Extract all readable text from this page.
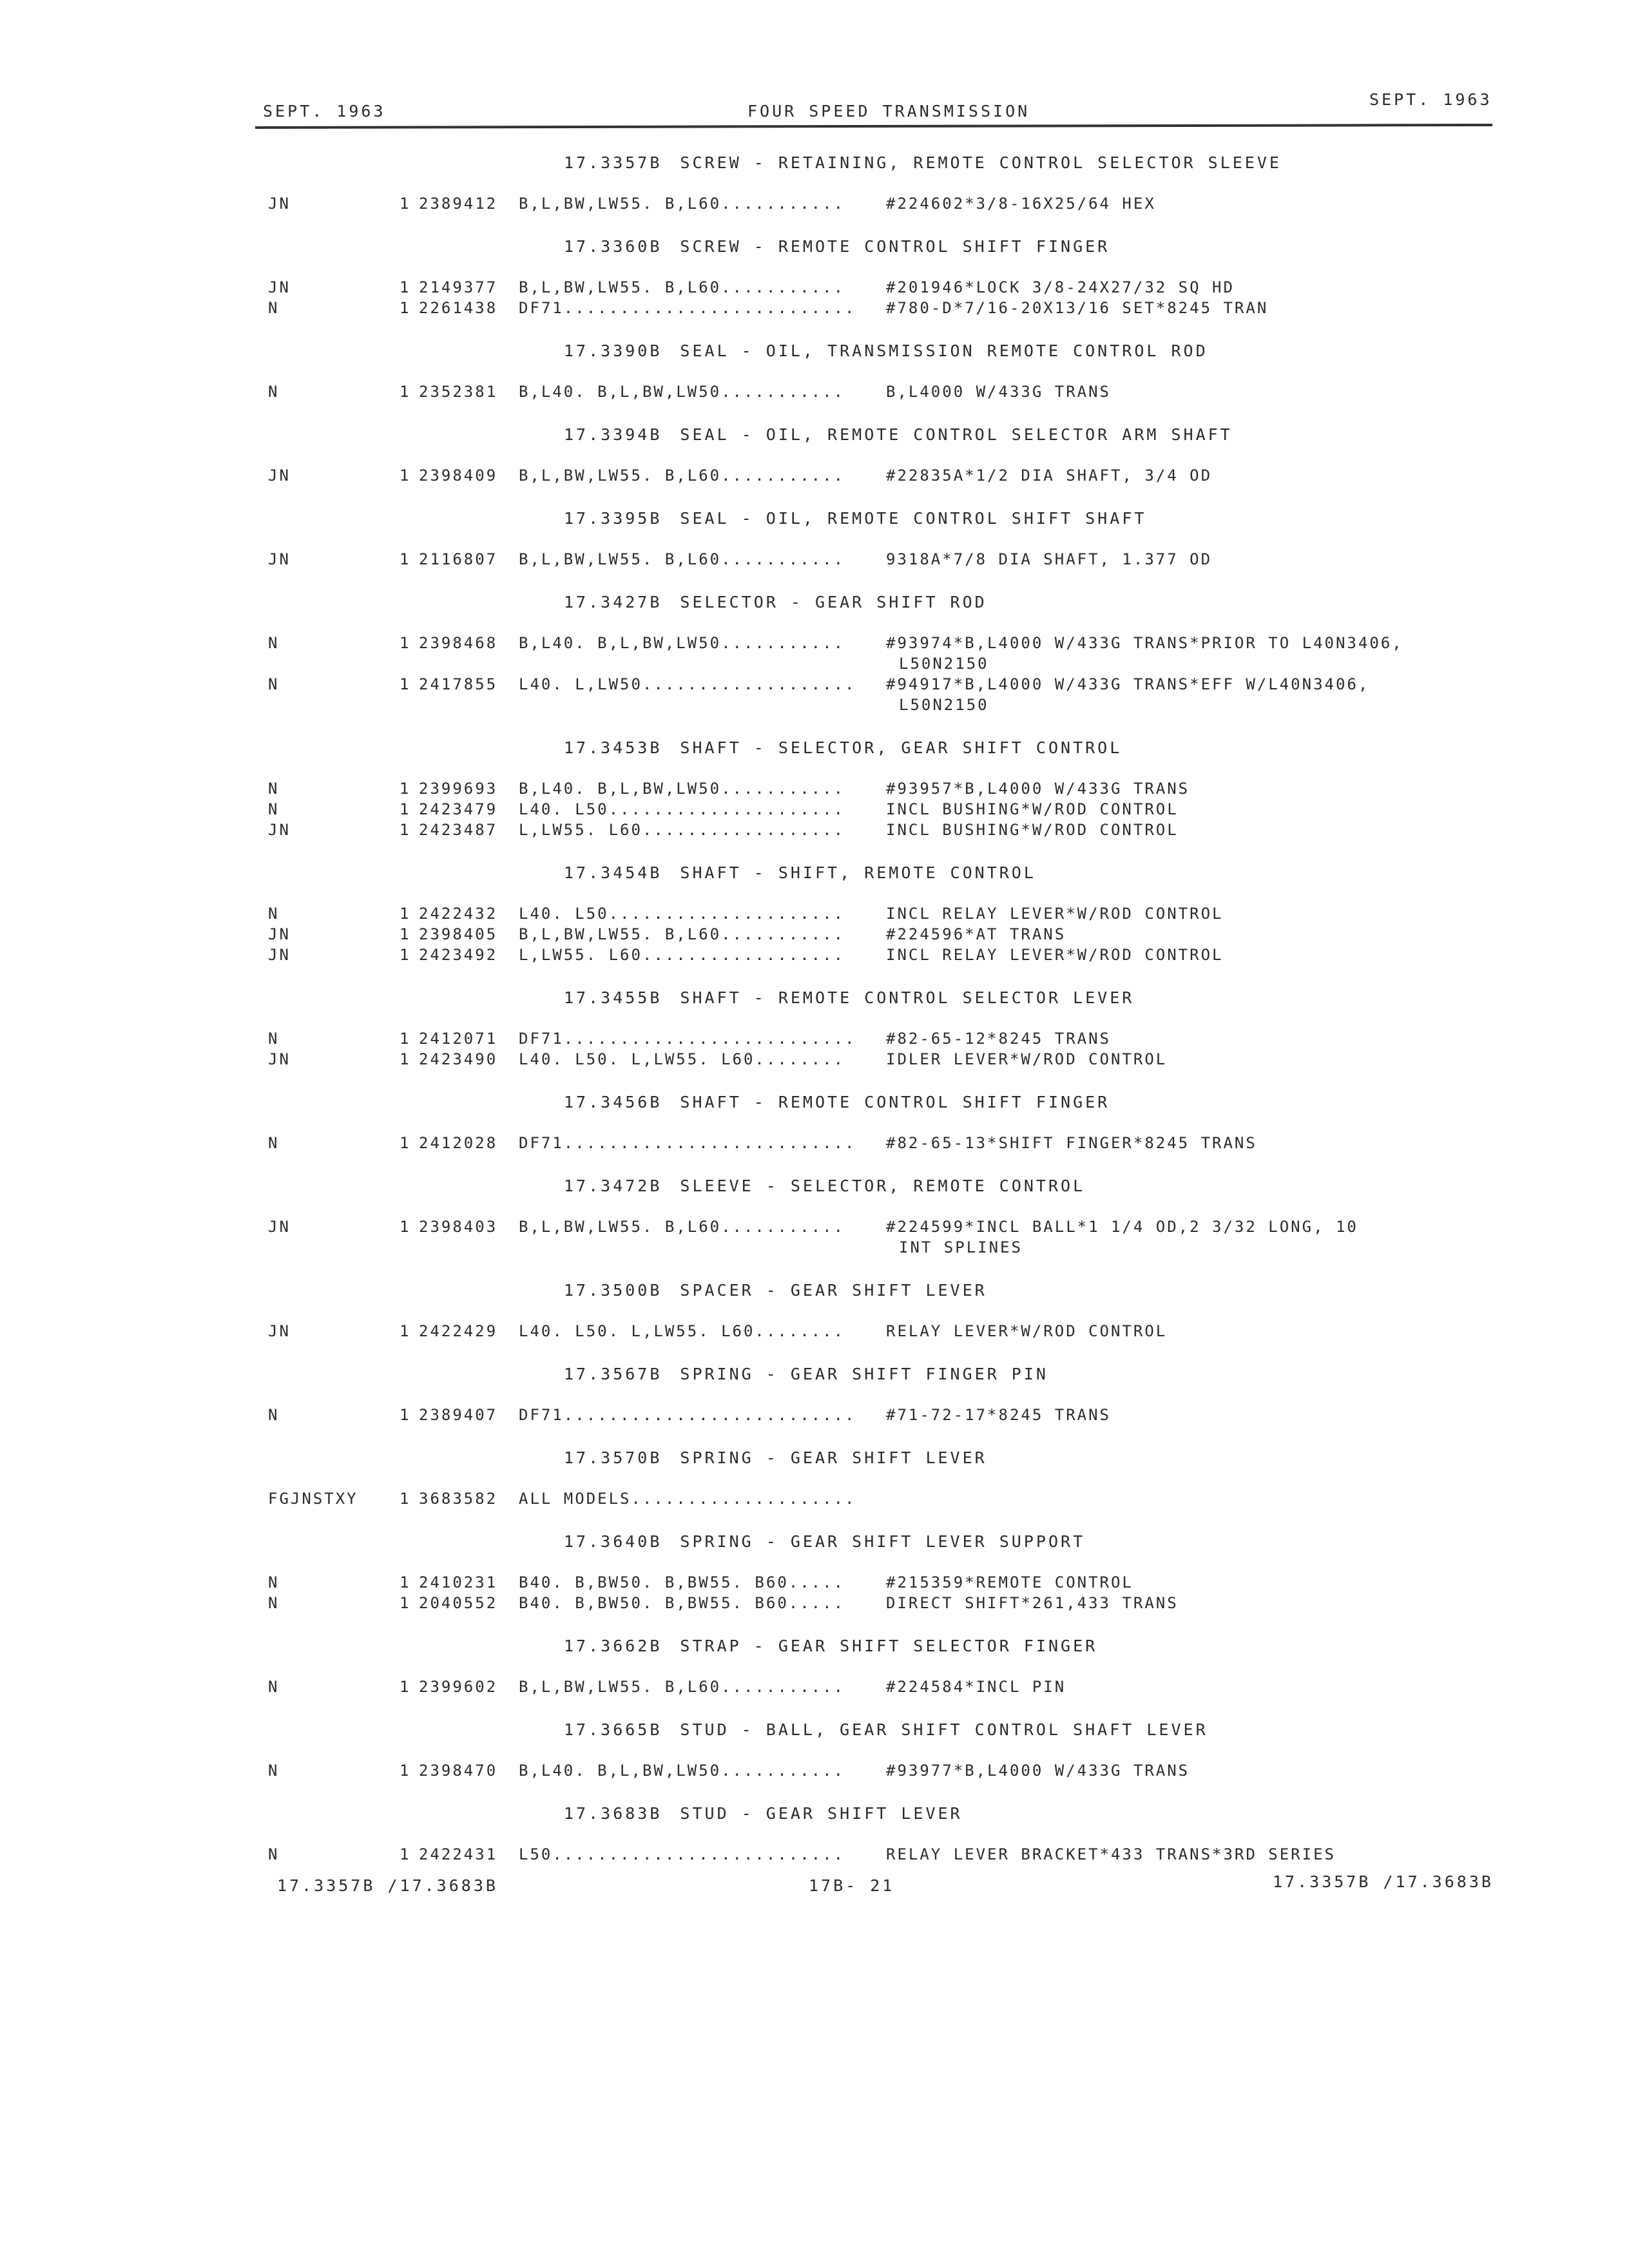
SEPT. 1963	FOUR SPEED TRANSMISSION
SEPT. 1963
17.3357B SCREW - RETAINING, REMOTE CONTROL SELECTOR SLEEVE
JN	1 2389412 B,L,BW,LW55. B,L60...........	#224602*3/8-16X25/64 HEX
17.3360B SCREW - REMOTE CONTROL SHIFT FINGER
JN	1 2149377 B,L,BW,LW55. B,L60...........	#201946*LOCK 3/8-24X27/32 SQ HD
N	1 2261438 DF71.......................... #780-D*7/16-20X13/16 SET*8245 TRAN
17.3390B SEAL - OIL, TRANSMISSION REMOTE CONTROL ROD
N	1 2352381 B,L40. B,L,BW,LW50...........	B,L4000 W/433G TRANS
17.3394B SEAL - OIL, REMOTE CONTROL SELECTOR ARM SHAFT
JN	1 2398409 B,L,BW,LW55. B,L60...........	#22835A*1/2 DIA SHAFT, 3/4 OD
17.3395B SEAL - OIL, REMOTE CONTROL SHIFT SHAFT
JN	1 2116807 B,L,BW,LW55. B,L60...........	9318A*7/8 DIA SHAFT, 1.377 OD
17.3427B SELECTOR - GEAR SHIFT ROD
N	1 2398468 B,L40. B,L,BW,LW50...........	#93974*B,L4000 W/433G TRANS*PRIOR TO L40N3406,
L50N2150
N	1 2417855 L40. L,LW50................... #94917*B,L4000 W/433G TRANS*EFF W/L40N3406,
L50N2150
17.3453B SHAFT - SELECTOR, GEAR SHIFT CONTROL
N	1 2399693 B,L40. B,L,BW,LW50...........	#93957*B,L4000 W/433G TRANS
N	1 2423479 L40. L50.....................	INCL BUSHING*W/ROD CONTROL
JN	1 2423487 L,LW55. L60..................	INCL BUSHING*W/ROD CONTROL
17.3454B SHAFT - SHIFT, REMOTE CONTROL
N	1 2422432 L40. L50.....................	INCL RELAY LEVER*W/ROD CONTROL
JN	1 2398405 B,L,BW,LW55. B,L60...........	#224596*AT TRANS
JN	1 2423492 L,LW55. L60..................	INCL RELAY LEVER*W/ROD CONTROL
17.3455B SHAFT - REMOTE CONTROL SELECTOR LEVER
N	1 2412071 DF71.......................... #82-65-12*8245 TRANS
JN	1 2423490 L40. L50. L,LW55. L60........	IDLER LEVER*W/ROD CONTROL
17.3456B SHAFT - REMOTE CONTROL SHIFT FINGER
N	1 2412028 DF71.......................... #82-65-13*SHIFT FINGER*8245 TRANS
17.3472B SLEEVE - SELECTOR, REMOTE CONTROL
JN	1 2398403 B,L,BW,LW55. B,L60...........	#224599*INCL BALL*1 1/4 OD,2 3/32 LONG, 10
INT SPLINES
17.3500B SPACER - GEAR SHIFT LEVER
JN	1 2422429 L40. L50. L,LW55. L60........	RELAY LEVER*W/ROD CONTROL
17.3567B SPRING - GEAR SHIFT FINGER PIN
N	1 2389407 DF71.......................... #71-72-17*8245 TRANS
17.3570B SPRING - GEAR SHIFT LEVER
FGJNSTXY	1 3683582 ALL MODELS....................
17.3640B SPRING - GEAR SHIFT LEVER SUPPORT
N	1 2410231 B40. B,BW50. B,BW55. B60.....	#215359*REMOTE CONTROL
N	1 2040552 B40. B,BW50. B,BW55. B60.....	DIRECT SHIFT*261,433 TRANS
17.3662B STRAP - GEAR SHIFT SELECTOR FINGER
N	1 2399602 B,L,BW,LW55. B,L60...........	#224584*INCL PIN
17.3665B STUD - BALL, GEAR SHIFT CONTROL SHAFT LEVER
N	1 2398470 B,L40. B,L,BW,LW50...........	#93977*B,L4000 W/433G TRANS
17.3683B STUD - GEAR SHIFT LEVER
N	1 2422431 L50..........................	RELAY LEVER BRACKET*433 TRANS*3RD SERIES
17.3357B /17.3683B	17B- 21	17.3357B /17.3683B
